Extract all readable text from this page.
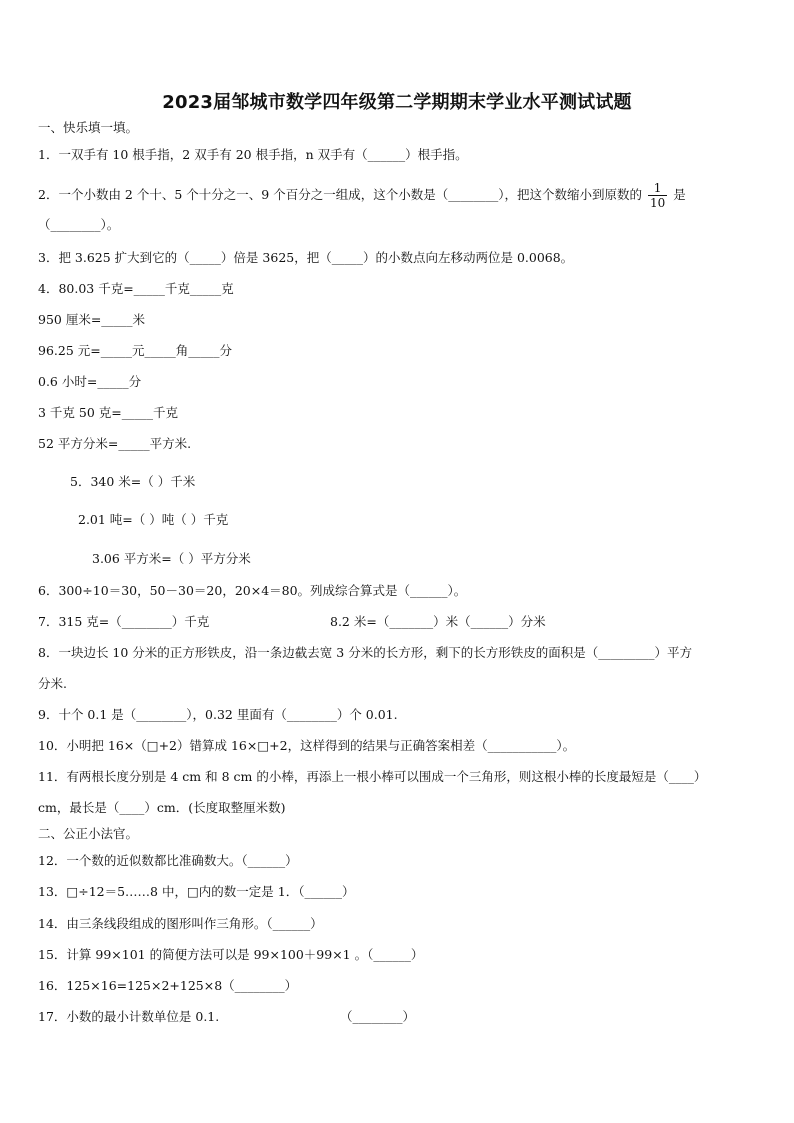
2023届邹城市数学四年级第二学期期末学业水平测试试题
一、快乐填一填。
1．一双手有 10 根手指，2 双手有 20 根手指，n 双手有（______）根手指。
2．一个小数由 2 个十、5 个十分之一、9 个百分之一组成，这个小数是（________），把这个数缩小到原数的 $\frac{1}{10}$ 是
（________）。
3．把 3.625 扩大到它的（_____）倍是 3625，把（_____）的小数点向左移动两位是 0.0068。
4．80.03 千克=_____千克_____克
950 厘米=_____米
96.25 元=_____元_____角_____分
0.6 小时=_____分
3 千克 50 克=_____千克
52 平方分米=_____平方米.
5．340 米=（ ）千米
2.01 吨=（ ）吨（ ）千克
3.06 平方米=（ ）平方分米
6．300÷10＝30，50－30＝20，20×4＝80。列成综合算式是（______）。
7．315 克=（________）千克	8.2 米=（_______）米（______）分米
8．一块边长 10 分米的正方形铁皮，沿一条边截去宽 3 分米的长方形，剩下的长方形铁皮的面积是（_________）平方
分米.
9．十个 0.1 是（________），0.32 里面有（________）个 0.01.
10．小明把 16×（□+2）错算成 16×□+2，这样得到的结果与正确答案相差（___________）。
11．有两根长度分别是 4 cm 和 8 cm 的小棒，再添上一根小棒可以围成一个三角形，则这根小棒的长度最短是（____）
cm，最长是（____）cm．(长度取整厘米数)
二、公正小法官。
12．一个数的近似数都比准确数大。（______）
13．□÷12＝5……8 中，□内的数一定是 1．（______）
14．由三条线段组成的图形叫作三角形。（______）
15．计算 99×101 的简便方法可以是 99×100＋99×1 。（______）
16．125×16=125×2+125×8（________）
17．小数的最小计数单位是 0.1.	（________）
